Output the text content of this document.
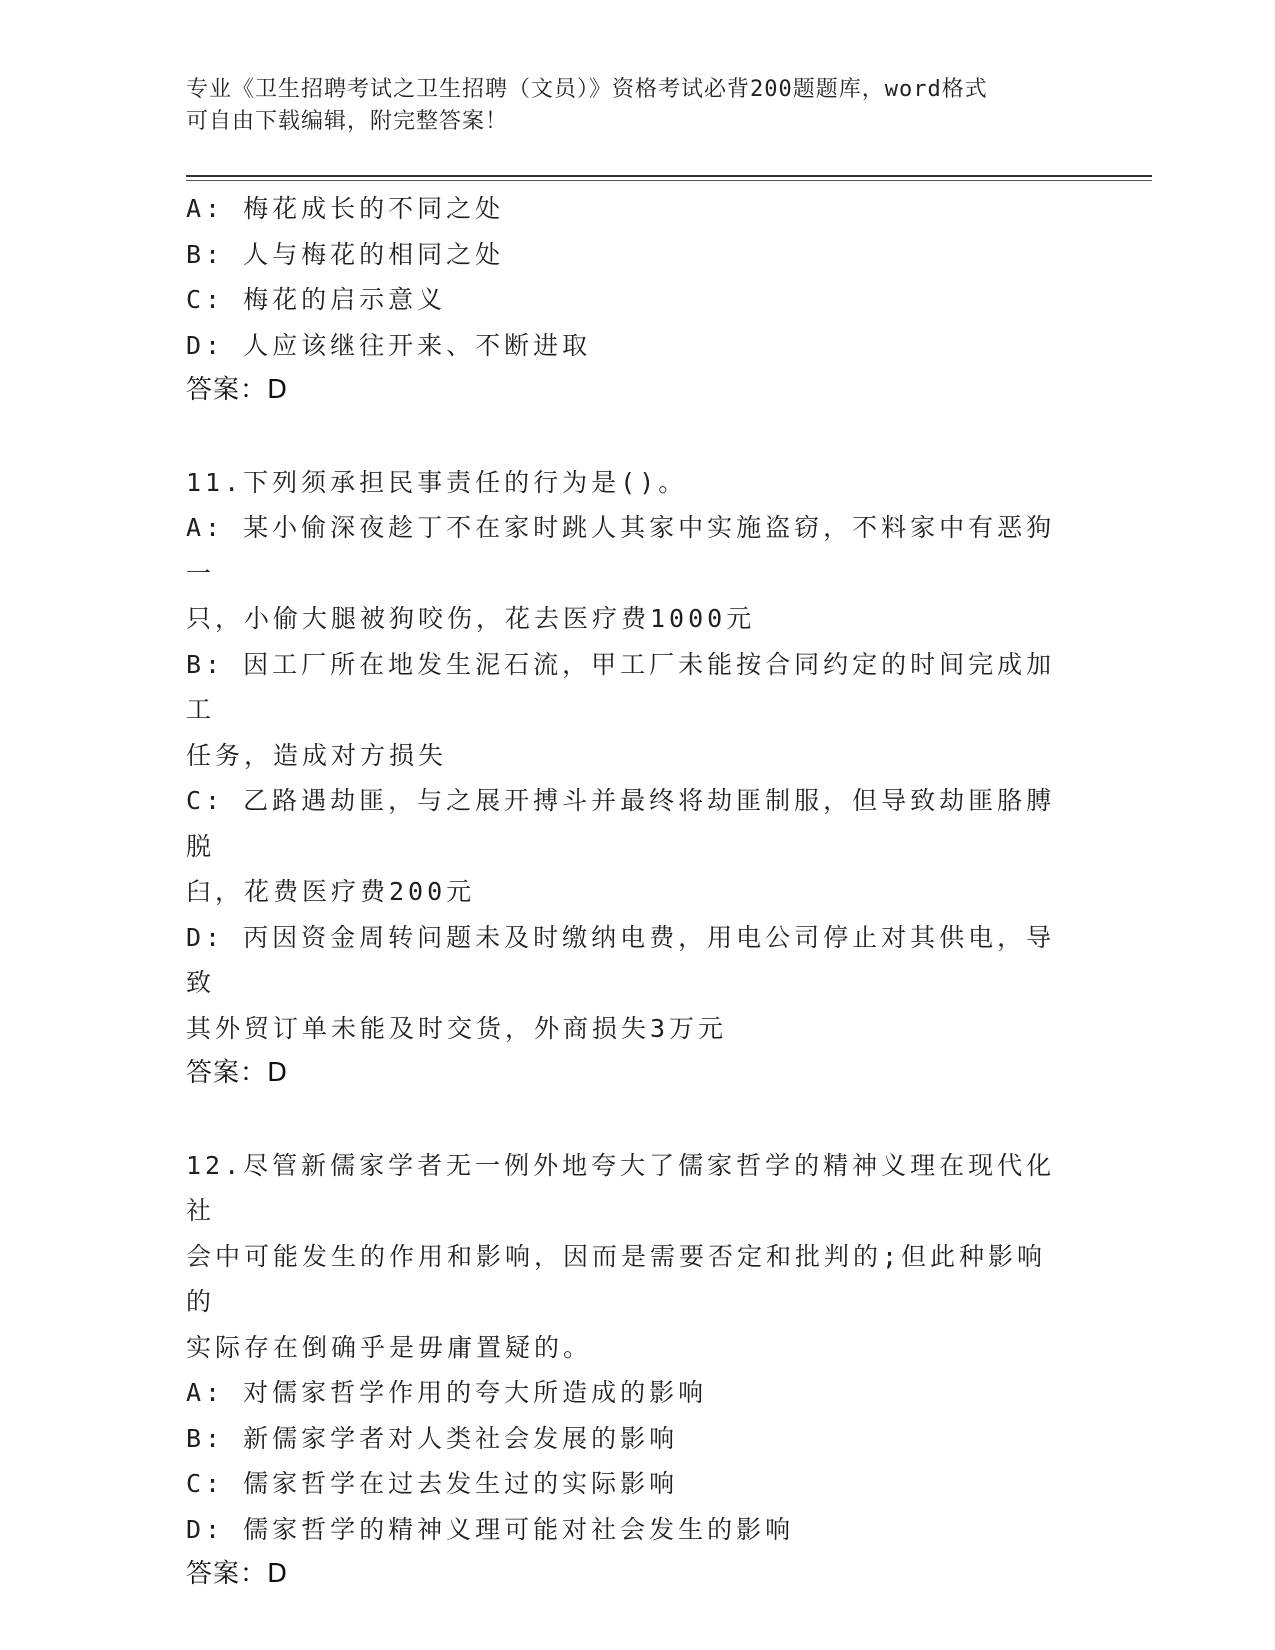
专业《卫生招聘考试之卫生招聘（文员）》资格考试必背200题题库，word格式
可自由下载编辑，附完整答案！
A: 梅花成长的不同之处
B: 人与梅花的相同之处
C: 梅花的启示意义
D: 人应该继往开来、不断进取
答案：D
11.下列须承担民事责任的行为是()。
A: 某小偷深夜趁丁不在家时跳人其家中实施盗窃，不料家中有恶狗一
只，小偷大腿被狗咬伤，花去医疗费1000元
B: 因工厂所在地发生泥石流，甲工厂未能按合同约定的时间完成加工
任务，造成对方损失
C: 乙路遇劫匪，与之展开搏斗并最终将劫匪制服，但导致劫匪胳膊脱
臼，花费医疗费200元
D: 丙因资金周转问题未及时缴纳电费，用电公司停止对其供电，导致
其外贸订单未能及时交货，外商损失3万元
答案：D
12.尽管新儒家学者无一例外地夸大了儒家哲学的精神义理在现代化社
会中可能发生的作用和影响，因而是需要否定和批判的;但此种影响的
实际存在倒确乎是毋庸置疑的。
A: 对儒家哲学作用的夸大所造成的影响
B: 新儒家学者对人类社会发展的影响
C: 儒家哲学在过去发生过的实际影响
D: 儒家哲学的精神义理可能对社会发生的影响
答案：D
